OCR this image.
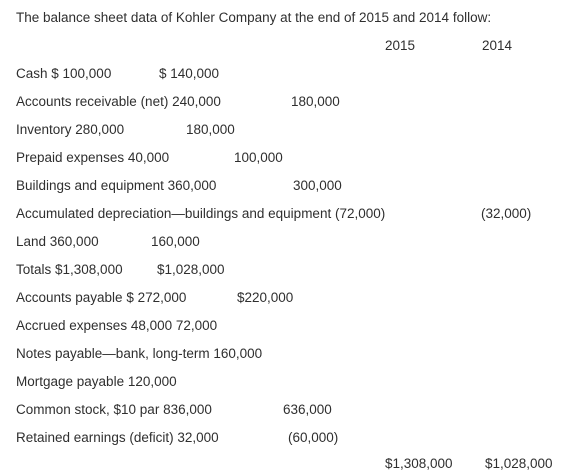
The balance sheet data of Kohler Company at the end of 2015 and 2014 follow:
2015	2014
Cash $ 100,000	$ 140,000
Accounts receivable (net) 240,000	180,000
Inventory 280,000	180,000
Prepaid expenses 40,000	100,000
Buildings and equipment 360,000	300,000
Accumulated depreciation—buildings and equipment (72,000)	(32,000)
Land 360,000	160,000
Totals $1,308,000	$1,028,000
Accounts payable $ 272,000	$220,000
Accrued expenses 48,000 72,000
Notes payable—bank, long-term 160,000
Mortgage payable 120,000
Common stock, $10 par 836,000	636,000
Retained earnings (deficit) 32,000	(60,000)
$1,308,000 $1,028,000
